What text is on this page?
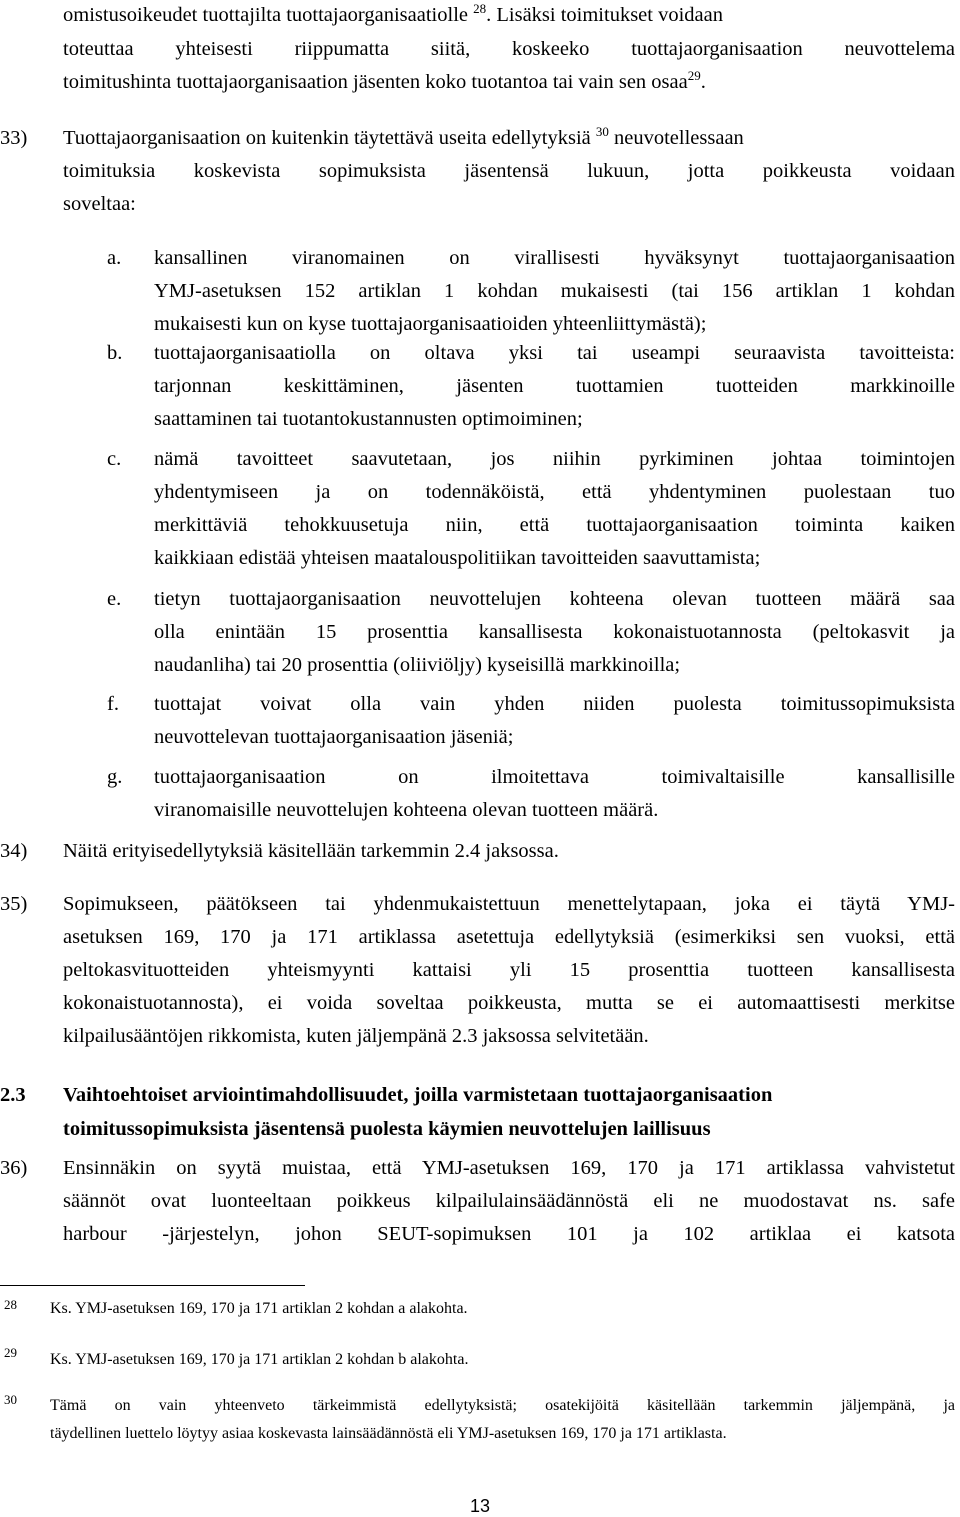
omistusoikeudet tuottajilta tuottajaorganisaatiolle $^{28}$. Lisäksi toimitukset voidaan
toteuttaa yhteisesti riippumatta siitä, koskeeko tuottajaorganisaation neuvottelema
toimitushinta tuottajaorganisaation jäsenten koko tuotantoa tai vain sen osaa$^{29}$.
33) Tuottajaorganisaation on kuitenkin täytettävä useita edellytyksiä $^{30}$ neuvotellessaan
toimituksia koskevista sopimuksista jäsentensä lukuun, jotta poikkeusta voidaan
soveltaa:
a. kansallinen viranomainen on virallisesti hyväksynyt tuottajaorganisaation
YMJ-asetuksen 152 artiklan 1 kohdan mukaisesti (tai 156 artiklan 1 kohdan
mukaisesti kun on kyse tuottajaorganisaatioiden yhteenliittymästä);
b. tuottajaorganisaatiolla on oltava yksi tai useampi seuraavista tavoitteista:
tarjonnan keskittäminen, jäsenten tuottamien tuotteiden markkinoille
saattaminen tai tuotantokustannusten optimoiminen;
c. nämä tavoitteet saavutetaan, jos niihin pyrkiminen johtaa toimintojen
yhdentymiseen ja on todennäköistä, että yhdentyminen puolestaan tuo
merkittäviä tehokkuusetuja niin, että tuottajaorganisaation toiminta kaiken
kaikkiaan edistää yhteisen maatalouspolitiikan tavoitteiden saavuttamista;
e. tietyn tuottajaorganisaation neuvottelujen kohteena olevan tuotteen määrä saa
olla enintään 15 prosenttia kansallisesta kokonaistuotannosta (peltokasvit ja
naudanliha) tai 20 prosenttia (oliiviöljy) kyseisillä markkinoilla;
f. tuottajat voivat olla vain yhden niiden puolesta toimitussopimuksista
neuvottelevan tuottajaorganisaation jäseniä;
g. tuottajaorganisaation on ilmoitettava toimivaltaisille kansallisille
viranomaisille neuvottelujen kohteena olevan tuotteen määrä.
34) Näitä erityisedellytyksiä käsitellään tarkemmin 2.4 jaksossa.
35) Sopimukseen, päätökseen tai yhdenmukaistettuun menettelytapaan, joka ei täytä YMJ-
asetuksen 169, 170 ja 171 artiklassa asetettuja edellytyksiä (esimerkiksi sen vuoksi, että
peltokasvituotteiden yhteismyynti kattaisi yli 15 prosenttia tuotteen kansallisesta
kokonaistuotannosta), ei voida soveltaa poikkeusta, mutta se ei automaattisesti merkitse
kilpailusääntöjen rikkomista, kuten jäljempänä 2.3 jaksossa selvitetään.
2.3 Vaihtoehtoiset arviointimahdollisuudet, joilla varmistetaan tuottajaorganisaation
toimitussopimuksista jäsentensä puolesta käymien neuvottelujen laillisuus
36) Ensinnäkin on syytä muistaa, että YMJ-asetuksen 169, 170 ja 171 artiklassa vahvistetut
säännöt ovat luonteeltaan poikkeus kilpailulainsäädännöstä eli ne muodostavat ns. safe
harbour -järjestelyn, johon SEUT-sopimuksen 101 ja 102 artiklaa ei katsota
28 Ks. YMJ-asetuksen 169, 170 ja 171 artiklan 2 kohdan a alakohta.
29 Ks. YMJ-asetuksen 169, 170 ja 171 artiklan 2 kohdan b alakohta.
30 Tämä on vain yhteenveto tärkeimmistä edellytyksistä; osatekijöitä käsitellään tarkemmin jäljempänä, ja
täydellinen luettelo löytyy asiaa koskevasta lainsäädännöstä eli YMJ-asetuksen 169, 170 ja 171 artiklasta.
13
